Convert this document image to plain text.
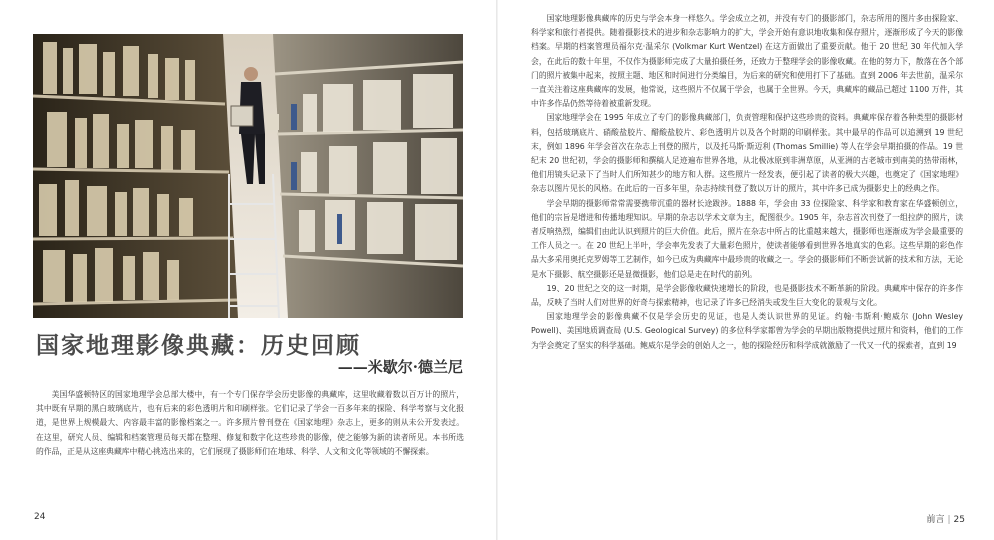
国家地理影像典藏：历史回顾
——米歇尔·德兰尼

美国华盛顿特区的国家地理学会总部大楼中，有一个专门保存学会历史影像的典藏库，这里收藏着数以百万计的照片，其中既有早期的黑白玻璃底片，也有后来的彩色透明片和印刷样张。它们记录了学会一百多年来的探险、科学考察与文化报道，是世界上规模最大、内容最丰富的影像档案之一。许多照片曾刊登在《国家地理》杂志上，更多的则从未公开发表过。在这里，研究人员、编辑和档案管理员每天都在整理、修复和数字化这些珍贵的影像，使之能够为新的读者所见。本书所选的作品，正是从这座典藏库中精心挑选出来的，它们展现了摄影师们在地球、科学、人文和文化等领域的不懈探索。

24

国家地理影像典藏库的历史与学会本身一样悠久。学会成立之初，并没有专门的摄影部门，杂志所用的图片多由探险家、科学家和旅行者提供。随着摄影技术的进步和杂志影响力的扩大，学会开始有意识地收集和保存照片，逐渐形成了今天的影像档案。早期的档案管理员福尔克·温采尔 (Volkmar Kurt Wentzel) 在这方面做出了重要贡献。他于 20 世纪 30 年代加入学会，在此后的数十年里，不仅作为摄影师完成了大量拍摄任务，还致力于整理学会的影像收藏。在他的努力下，散落在各个部门的照片被集中起来，按照主题、地区和时间进行分类编目，为后来的研究和使用打下了基础。直到 2006 年去世前，温采尔一直关注着这座典藏库的发展，他常说，这些照片不仅属于学会，也属于全世界。今天，典藏库的藏品已超过 1100 万件，其中许多作品仍然等待着被重新发现。

国家地理学会在 1995 年成立了专门的影像典藏部门，负责管理和保护这些珍贵的资料。典藏库保存着各种类型的摄影材料，包括玻璃底片、硝酸盐胶片、醋酸盐胶片、彩色透明片以及各个时期的印刷样张。其中最早的作品可以追溯到 19 世纪末，例如 1896 年学会首次在杂志上刊登的照片，以及托马斯·斯迈利 (Thomas Smillie) 等人在学会早期拍摄的作品。19 世纪末 20 世纪初，学会的摄影师和撰稿人足迹遍布世界各地，从北极冰原到非洲草原，从亚洲的古老城市到南美的热带雨林，他们用镜头记录下了当时人们所知甚少的地方和人群。这些照片一经发表，便引起了读者的极大兴趣，也奠定了《国家地理》杂志以图片见长的风格。在此后的一百多年里，杂志持续刊登了数以万计的照片，其中许多已成为摄影史上的经典之作。

学会早期的摄影师常常需要携带沉重的器材长途跋涉。1888 年，学会由 33 位探险家、科学家和教育家在华盛顿创立，他们的宗旨是增进和传播地理知识。早期的杂志以学术文章为主，配图很少。1905 年，杂志首次刊登了一组拉萨的照片，读者反响热烈，编辑们由此认识到照片的巨大价值。此后，照片在杂志中所占的比重越来越大，摄影师也逐渐成为学会最重要的工作人员之一。在 20 世纪上半叶，学会率先发表了大量彩色照片，使读者能够看到世界各地真实的色彩。这些早期的彩色作品大多采用奥托克罗姆等工艺制作，如今已成为典藏库中最珍贵的收藏之一。学会的摄影师们不断尝试新的技术和方法，无论是水下摄影、航空摄影还是显微摄影，他们总是走在时代的前列。

19、20 世纪之交的这一时期，是学会影像收藏快速增长的阶段，也是摄影技术不断革新的阶段。典藏库中保存的许多作品，反映了当时人们对世界的好奇与探索精神，也记录了许多已经消失或发生巨大变化的景观与文化。

国家地理学会的影像典藏不仅是学会历史的见证，也是人类认识世界的见证。约翰·韦斯利·鲍威尔 (John Wesley Powell)、美国地质调查局 (U.S. Geological Survey) 的多位科学家都曾为学会的早期出版物提供过照片和资料，他们的工作为学会奠定了坚实的科学基础。鲍威尔是学会的创始人之一，他的探险经历和科学成就激励了一代又一代的探索者，直到 19

前言 | 25
